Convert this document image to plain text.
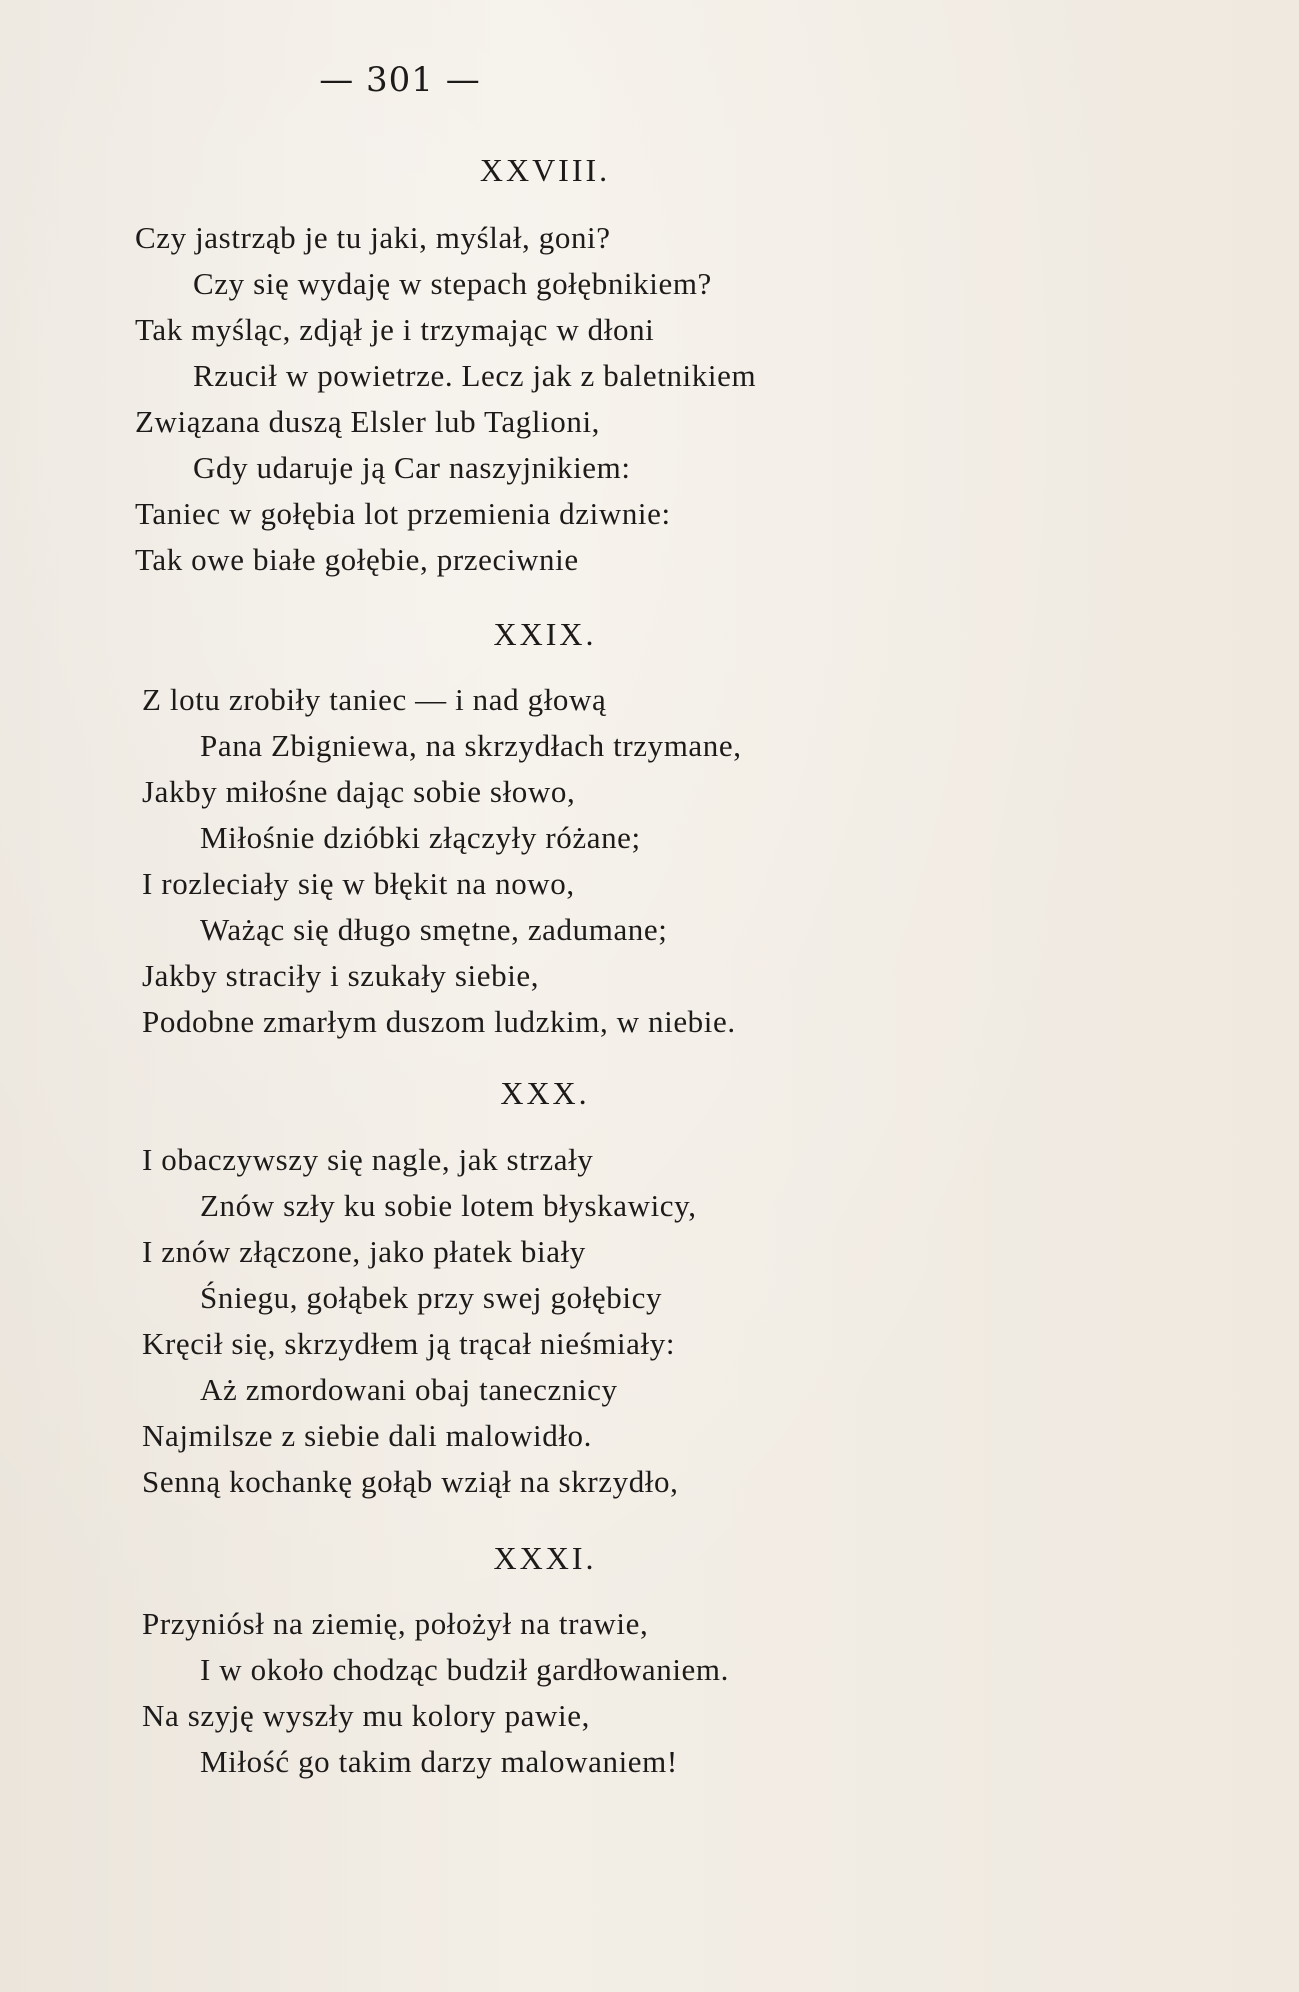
— 301 —
XXVIII.
Czy jastrząb je tu jaki, myślał, goni?
Czy się wydaję w stepach gołębnikiem?
Tak myśląc, zdjął je i trzymając w dłoni
Rzucił w powietrze. Lecz jak z baletnikiem
Związana duszą Elsler lub Taglioni,
Gdy udaruje ją Car naszyjnikiem:
Taniec w gołębia lot przemienia dziwnie:
Tak owe białe gołębie, przeciwnie
XXIX.
Z lotu zrobiły taniec — i nad głową
Pana Zbigniewa, na skrzydłach trzymane,
Jakby miłośne dając sobie słowo,
Miłośnie dzióbki złączyły różane;
I rozleciały się w błękit na nowo,
Ważąc się długo smętne, zadumane;
Jakby straciły i szukały siebie,
Podobne zmarłym duszom ludzkim, w niebie.
XXX.
I obaczywszy się nagle, jak strzały
Znów szły ku sobie lotem błyskawicy,
I znów złączone, jako płatek biały
Śniegu, gołąbek przy swej gołębicy
Kręcił się, skrzydłem ją trącał nieśmiały:
Aż zmordowani obaj tanecznicy
Najmilsze z siebie dali malowidło.
Senną kochankę gołąb wziął na skrzydło,
XXXI.
Przyniósł na ziemię, położył na trawie,
I w około chodząc budził gardłowaniem.
Na szyję wyszły mu kolory pawie,
Miłość go takim darzy malowaniem!
